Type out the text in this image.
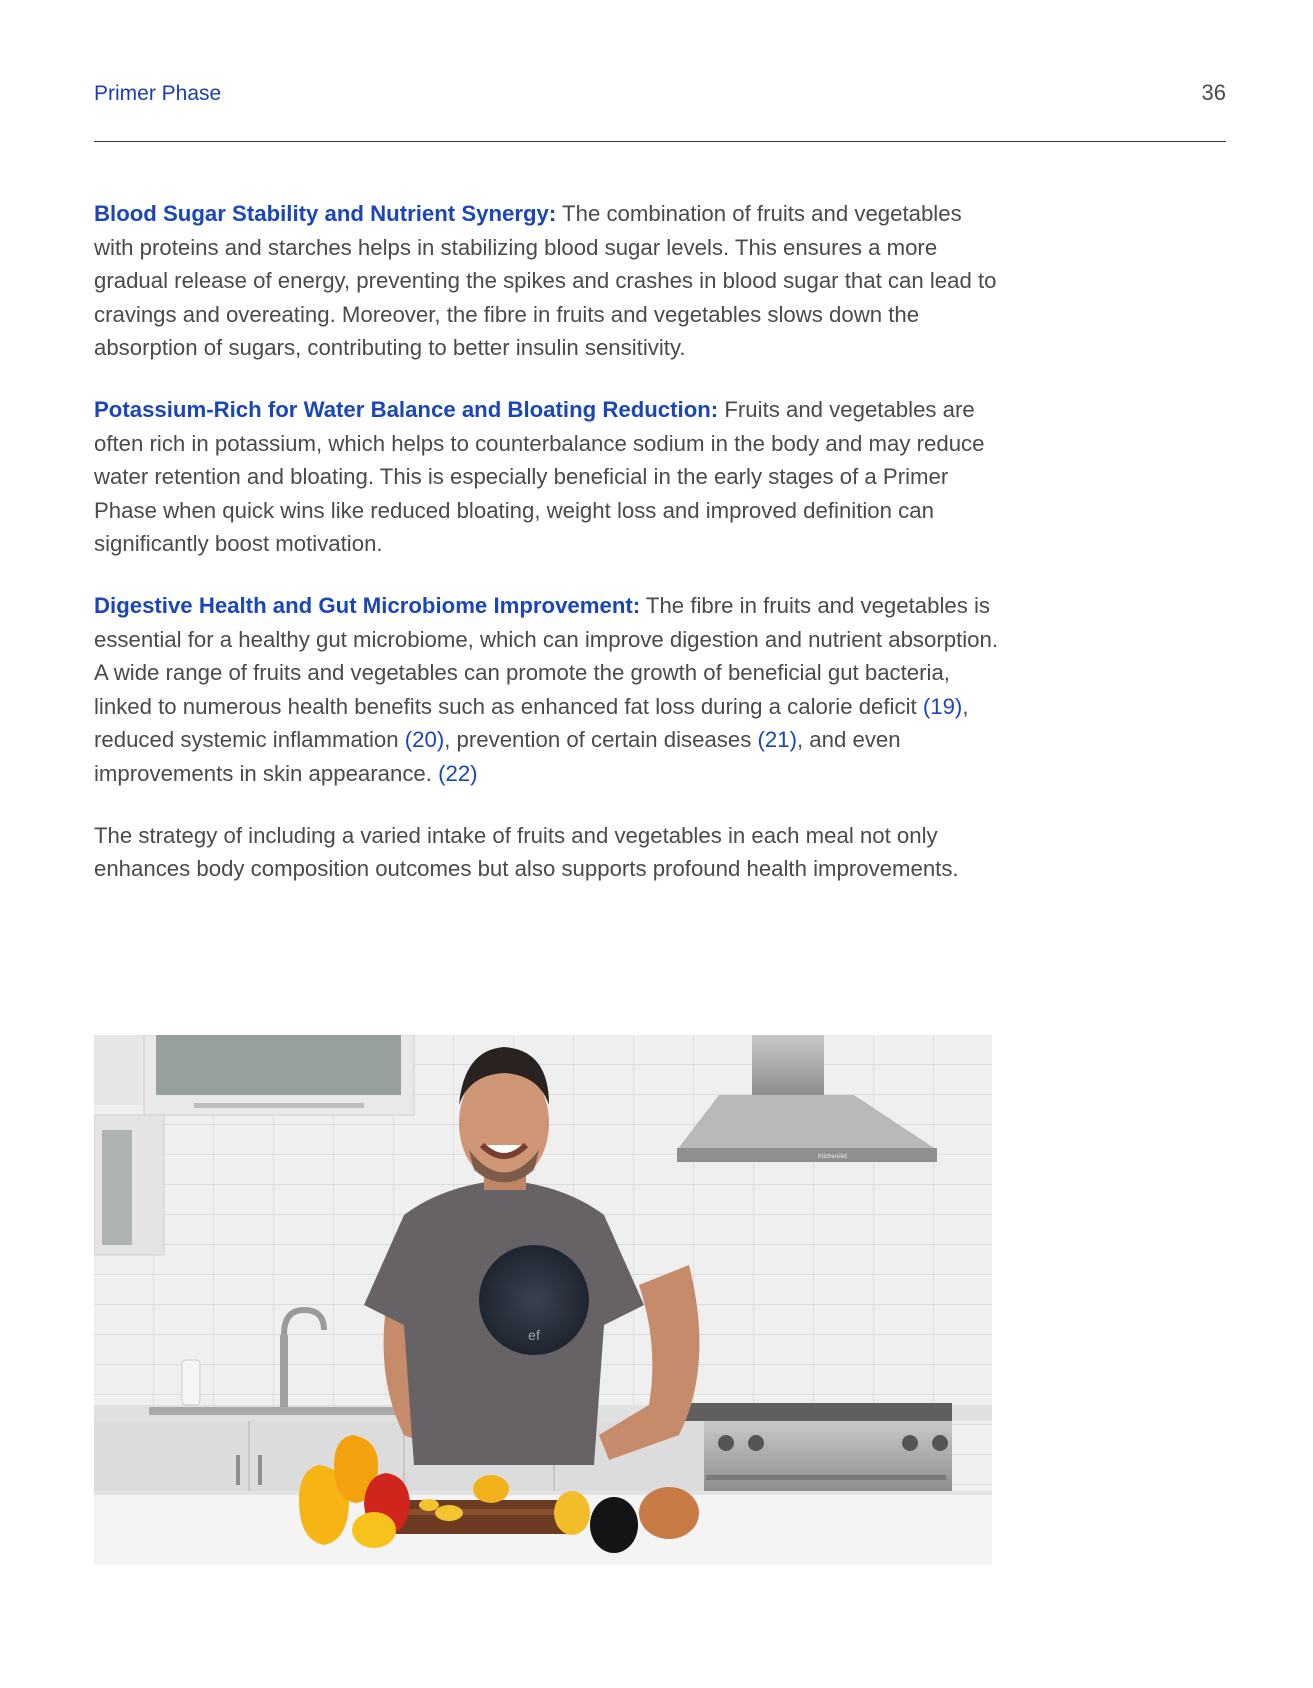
Primer Phase	36

Blood Sugar Stability and Nutrient Synergy: The combination of fruits and vegetables with proteins and starches helps in stabilizing blood sugar levels. This ensures a more gradual release of energy, preventing the spikes and crashes in blood sugar that can lead to cravings and overeating. Moreover, the fibre in fruits and vegetables slows down the absorption of sugars, contributing to better insulin sensitivity.

Potassium-Rich for Water Balance and Bloating Reduction: Fruits and vegetables are often rich in potassium, which helps to counterbalance sodium in the body and may reduce water retention and bloating. This is especially beneficial in the early stages of a Primer Phase when quick wins like reduced bloating, weight loss and improved definition can significantly boost motivation.

Digestive Health and Gut Microbiome Improvement: The fibre in fruits and vegetables is essential for a healthy gut microbiome, which can improve digestion and nutrient absorption. A wide range of fruits and vegetables can promote the growth of beneficial gut bacteria, linked to numerous health benefits such as enhanced fat loss during a calorie deficit (19), reduced systemic inflammation (20), prevention of certain diseases (21), and even improvements in skin appearance. (22)

The strategy of including a varied intake of fruits and vegetables in each meal not only enhances body composition outcomes but also supports profound health improvements.

KitchenAid
ef
